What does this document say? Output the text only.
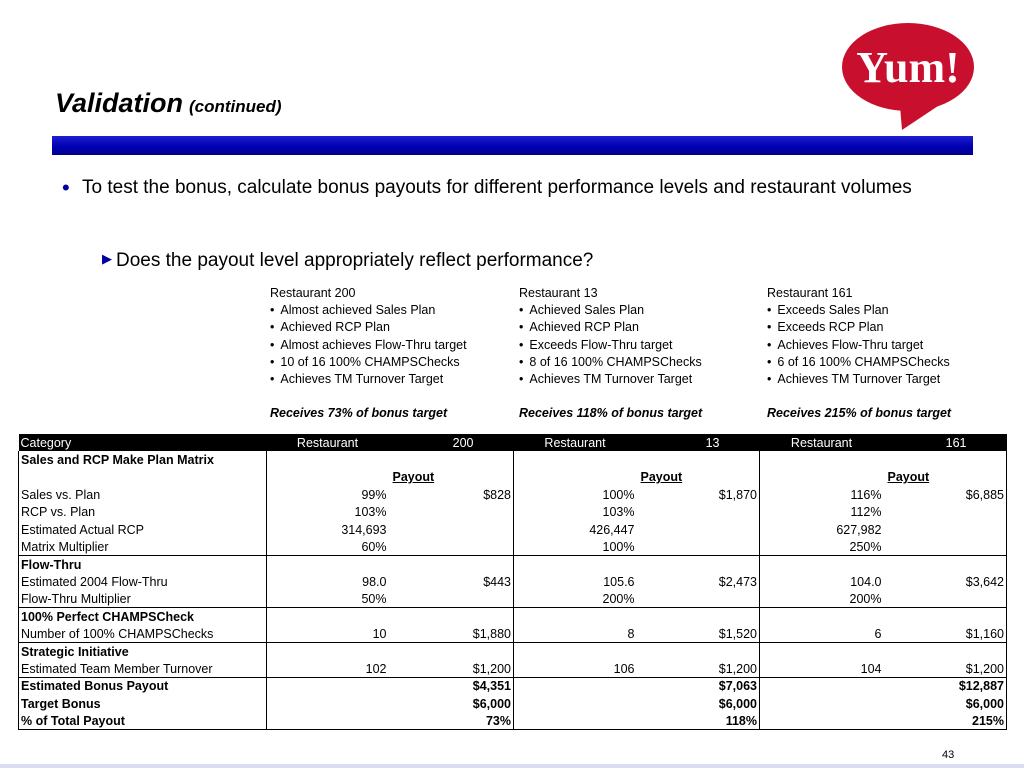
Validation (continued)
Yum!
• To test the bonus, calculate bonus payouts for different performance levels and restaurant volumes
▶ Does the payout level appropriately reflect performance?
Restaurant 200
• Almost achieved Sales Plan
• Achieved RCP Plan
• Almost achieves Flow-Thru target
• 10 of 16 100% CHAMPSChecks
• Achieves TM Turnover Target
Receives 73% of bonus target
Restaurant 13
• Achieved Sales Plan
• Achieved RCP Plan
• Exceeds Flow-Thru target
• 8 of 16 100% CHAMPSChecks
• Achieves TM Turnover Target
Receives 118% of bonus target
Restaurant 161
• Exceeds Sales Plan
• Exceeds RCP Plan
• Achieves Flow-Thru target
• 6 of 16 100% CHAMPSChecks
• Achieves TM Turnover Target
Receives 215% of bonus target
Category	Restaurant	200	Restaurant	13	Restaurant	161
Sales and RCP Make Plan Matrix						
		Payout		Payout		Payout
Sales vs. Plan	99%	$828	100%	$1,870	116%	$6,885
RCP vs. Plan	103%		103%		112%	
Estimated Actual RCP	314,693		426,447		627,982	
Matrix Multiplier	60%		100%		250%	
Flow-Thru						
Estimated 2004 Flow-Thru	98.0	$443	105.6	$2,473	104.0	$3,642
Flow-Thru Multiplier	50%		200%		200%	
100% Perfect CHAMPSCheck						
Number of 100% CHAMPSChecks	10	$1,880	8	$1,520	6	$1,160
Strategic Initiative						
Estimated Team Member Turnover	102	$1,200	106	$1,200	104	$1,200
Estimated Bonus Payout		$4,351		$7,063		$12,887
Target Bonus		$6,000		$6,000		$6,000
% of Total Payout		73%		118%		215%
43
